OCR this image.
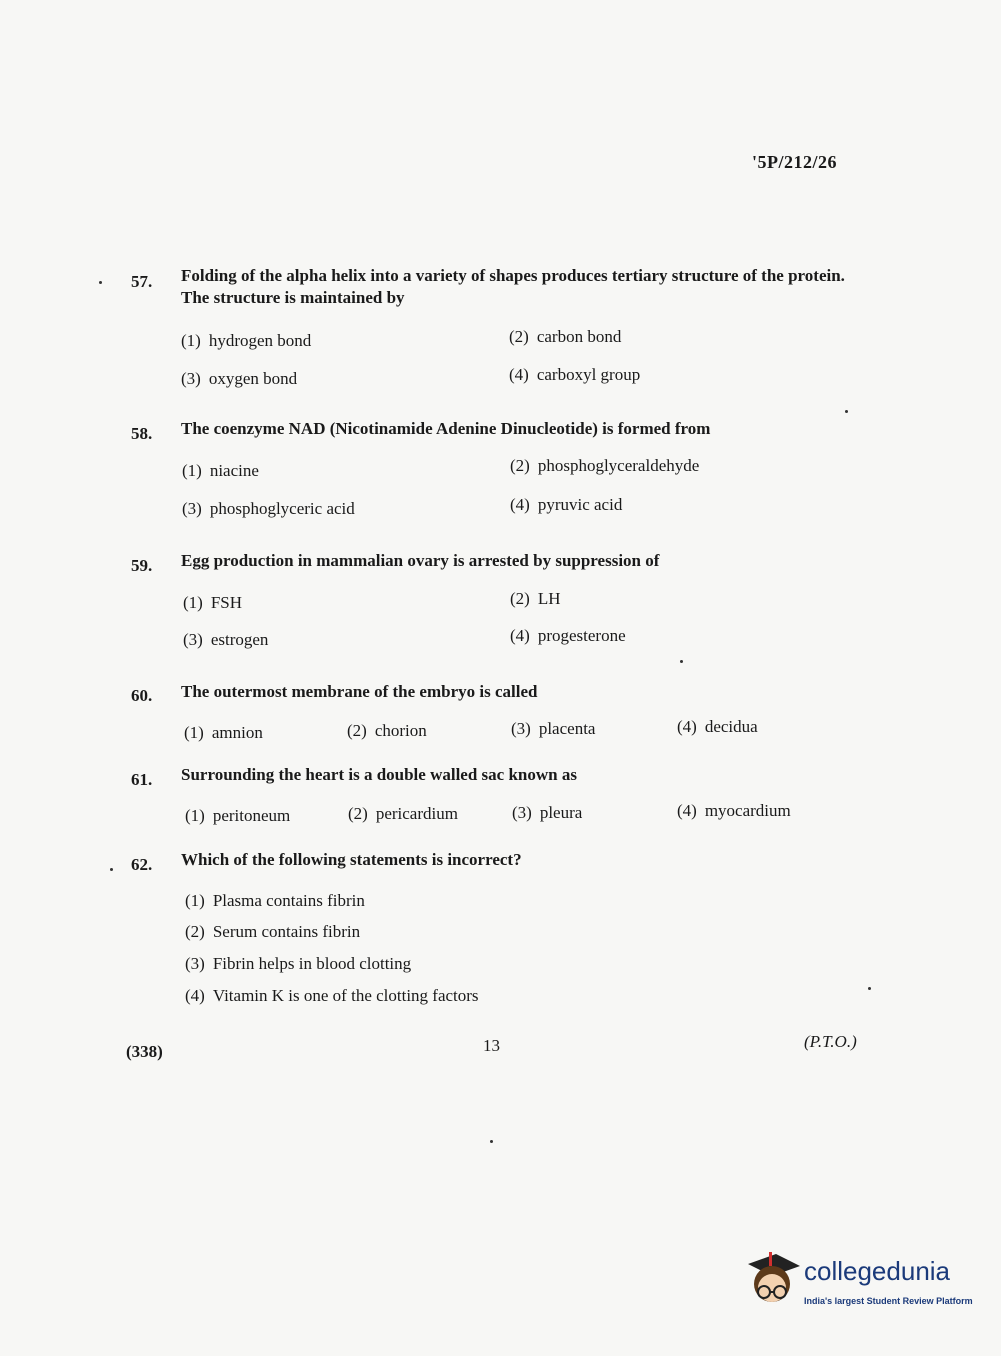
'5P/212/26
57. Folding of the alpha helix into a variety of shapes produces tertiary structure of the protein. The structure is maintained by
(1) hydrogen bond	(2) carbon bond
(3) oxygen bond	(4) carboxyl group
58. The coenzyme NAD (Nicotinamide Adenine Dinucleotide) is formed from
(1) niacine	(2) phosphoglyceraldehyde
(3) phosphoglyceric acid	(4) pyruvic acid
59. Egg production in mammalian ovary is arrested by suppression of
(1) FSH	(2) LH
(3) estrogen	(4) progesterone
60. The outermost membrane of the embryo is called
(1) amnion	(2) chorion	(3) placenta	(4) decidua
61. Surrounding the heart is a double walled sac known as
(1) peritoneum	(2) pericardium	(3) pleura	(4) myocardium
62. Which of the following statements is incorrect?
(1) Plasma contains fibrin
(2) Serum contains fibrin
(3) Fibrin helps in blood clotting
(4) Vitamin K is one of the clotting factors
(338)	13	(P.T.O.)
collegedunia
India's largest Student Review Platform
